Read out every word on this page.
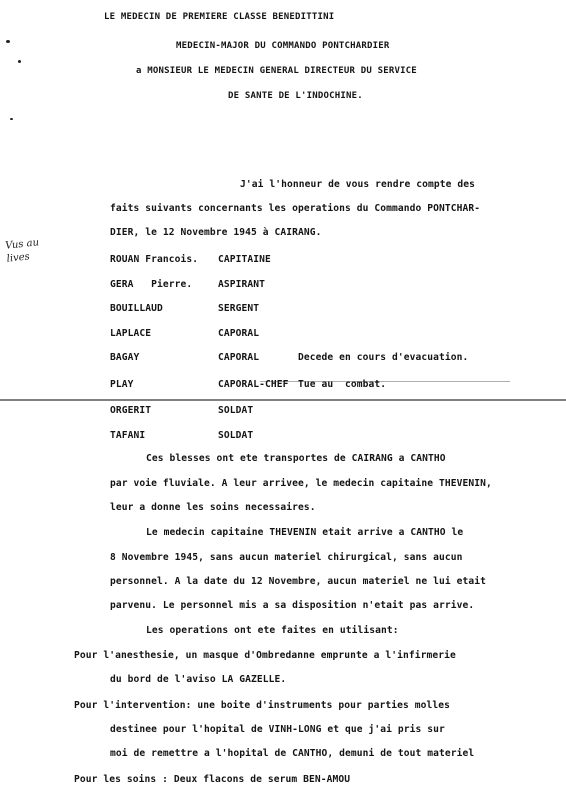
LE MEDECIN DE PREMIERE CLASSE BENEDITTINI
MEDECIN-MAJOR DU COMMANDO PONTCHARDIER
a MONSIEUR LE MEDECIN GENERAL DIRECTEUR DU SERVICE
DE SANTE DE L'INDOCHINE.
Vus au
lives
J'ai l'honneur de vous rendre compte des
faits suivants concernants les operations du Commando PONTCHAR-
DIER, le 12 Novembre 1945 à CAIRANG.
ROUAN Francois. CAPITAINE
GERA   Pierre.	ASPIRANT
BOUILLAUD	SERGENT
LAPLACE	CAPORAL
BAGAY	CAPORAL	Decede en cours d'evacuation.
PLAY	CAPORAL-CHEF Tue au  combat.
ORGERIT	SOLDAT
TAFANI	SOLDAT
Ces blesses ont ete transportes de CAIRANG a CANTHO
par voie fluviale. A leur arrivee, le medecin capitaine THEVENIN,
leur a donne les soins necessaires.
Le medecin capitaine THEVENIN etait arrive a CANTHO le
8 Novembre 1945, sans aucun materiel chirurgical, sans aucun
personnel. A la date du 12 Novembre, aucun materiel ne lui etait
parvenu. Le personnel mis a sa disposition n'etait pas arrive.
Les operations ont ete faites en utilisant:
Pour l'anesthesie, un masque d'Ombredanne emprunte a l'infirmerie
du bord de l'aviso LA GAZELLE.
Pour l'intervention: une boite d'instruments pour parties molles
destinee pour l'hopital de VINH-LONG et que j'ai pris sur
moi de remettre a l'hopital de CANTHO, demuni de tout materiel
Pour les soins : Deux flacons de serum BEN-AMOU
